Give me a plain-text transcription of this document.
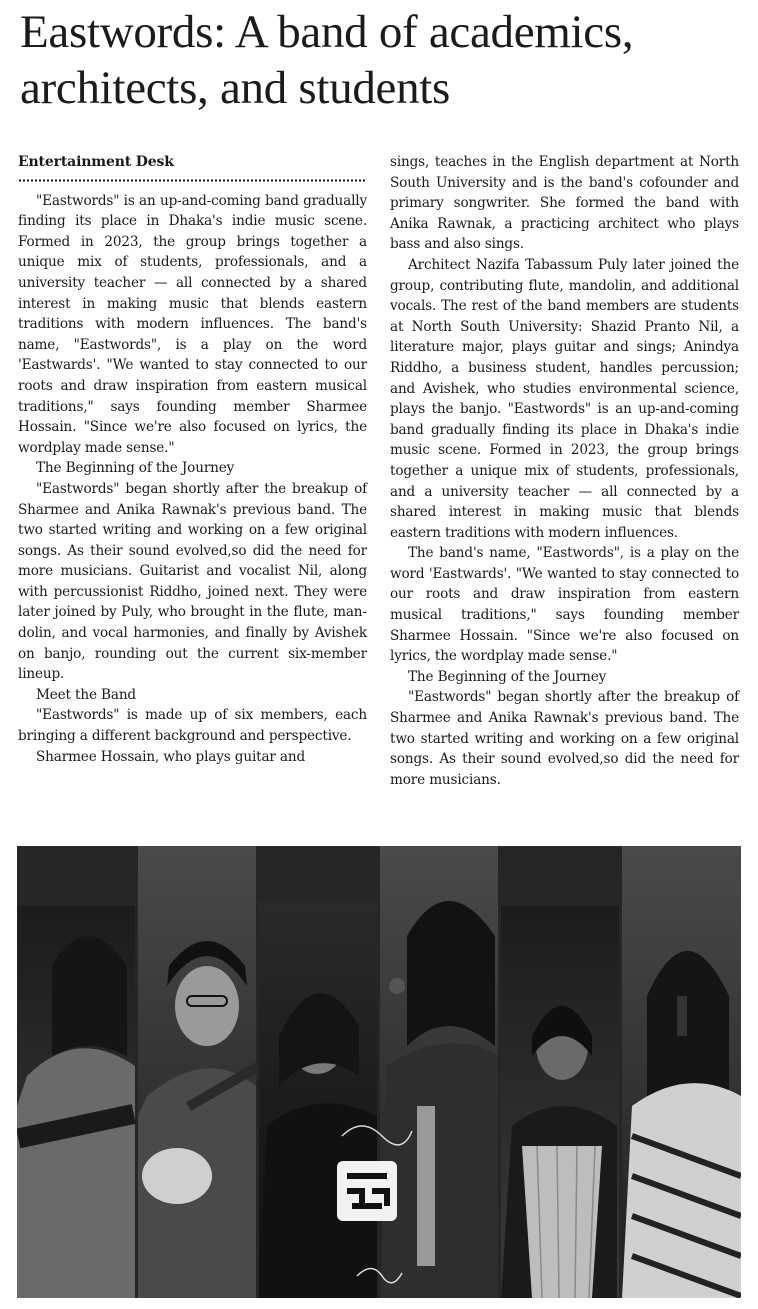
Eastwords: A band of academics, architects, and students

Entertainment Desk

"Eastwords" is an up-and-coming band gradually finding its place in Dhaka's indie music scene. Formed in 2023, the group brings together a unique mix of students, professionals, and a university teacher — all connected by a shared interest in making music that blends eastern traditions with modern influences. The band's name, "Eastwords", is a play on the word 'Eastwards'. "We wanted to stay connected to our roots and draw inspiration from eastern musical traditions," says founding member Sharmee Hossain. "Since we're also focused on lyrics, the wordplay made sense."

The Beginning of the Journey

"Eastwords" began shortly after the breakup of Sharmee and Anika Rawnak's previous band. The two started writing and working on a few original songs. As their sound evolved,so did the need for more musicians. Guitarist and vocalist Nil, along with percussionist Riddho, joined next. They were later joined by Puly, who brought in the flute, mandolin, and vocal harmonies, and finally by Avishek on banjo, rounding out the current six-member lineup.

Meet the Band

"Eastwords" is made up of six members, each bringing a different background and perspective.

Sharmee Hossain, who plays guitar and

sings, teaches in the English department at North South University and is the band's cofounder and primary songwriter. She formed the band with Anika Rawnak, a practicing architect who plays bass and also sings.

Architect Nazifa Tabassum Puly later joined the group, contributing flute, mandolin, and additional vocals. The rest of the band members are students at North South University: Shazid Pranto Nil, a literature major, plays guitar and sings; Anindya Riddho, a business student, handles percussion; and Avishek, who studies environmental science, plays the banjo. "Eastwords" is an up-and-coming band gradually finding its place in Dhaka's indie music scene. Formed in 2023, the group brings together a unique mix of students, professionals, and a university teacher — all connected by a shared interest in making music that blends eastern traditions with modern influences.

The band's name, "Eastwords", is a play on the word 'Eastwards'. "We wanted to stay connected to our roots and draw inspiration from eastern musical traditions," says founding member Sharmee Hossain. "Since we're also focused on lyrics, the wordplay made sense."

The Beginning of the Journey

"Eastwords" began shortly after the breakup of Sharmee and Anika Rawnak's previous band. The two started writing and working on a few original songs. As their sound evolved,so did the need for more musicians.
